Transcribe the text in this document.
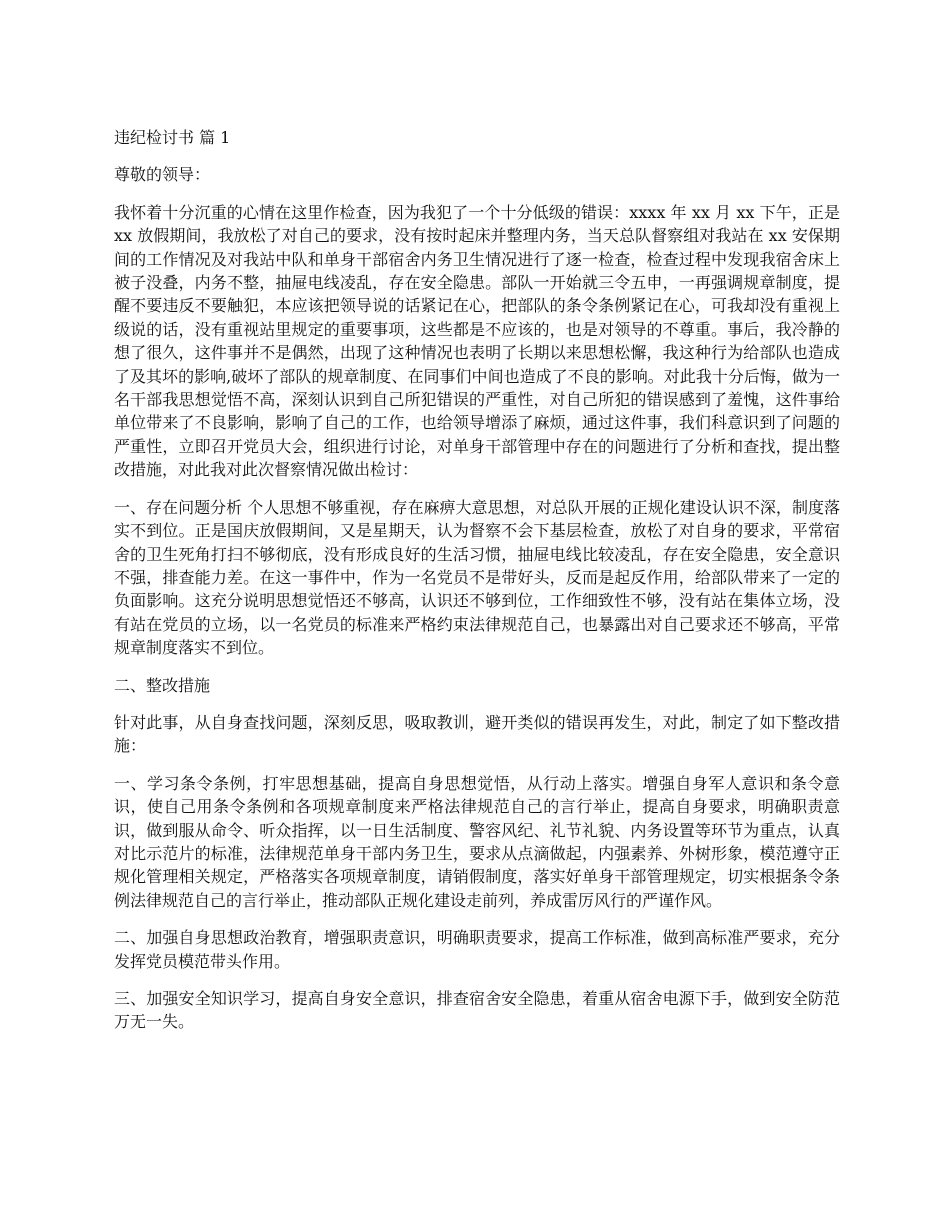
违纪检讨书 篇 1

尊敬的领导：

我怀着十分沉重的心情在这里作检查，因为我犯了一个十分低级的错误：xxxx 年 xx 月 xx 下午，正是 xx 放假期间，我放松了对自己的要求，没有按时起床并整理内务，当天总队督察组对我站在 xx 安保期间的工作情况及对我站中队和单身干部宿舍内务卫生情况进行了逐一检查，检查过程中发现我宿舍床上被子没叠，内务不整，抽屉电线凌乱，存在安全隐患。部队一开始就三令五申，一再强调规章制度，提醒不要违反不要触犯，本应该把领导说的话紧记在心，把部队的条令条例紧记在心，可我却没有重视上级说的话，没有重视站里规定的重要事项，这些都是不应该的，也是对领导的不尊重。事后，我冷静的想了很久，这件事并不是偶然，出现了这种情况也表明了长期以来思想松懈，我这种行为给部队也造成了及其坏的影响,破坏了部队的规章制度、在同事们中间也造成了不良的影响。对此我十分后悔，做为一名干部我思想觉悟不高，深刻认识到自己所犯错误的严重性，对自己所犯的错误感到了羞愧，这件事给单位带来了不良影响，影响了自己的工作，也给领导增添了麻烦，通过这件事，我们科意识到了问题的严重性，立即召开党员大会，组织进行讨论，对单身干部管理中存在的问题进行了分析和查找，提出整改措施，对此我对此次督察情况做出检讨：

一、存在问题分析 个人思想不够重视，存在麻痹大意思想，对总队开展的正规化建设认识不深，制度落实不到位。正是国庆放假期间，又是星期天，认为督察不会下基层检查，放松了对自身的要求，平常宿舍的卫生死角打扫不够彻底，没有形成良好的生活习惯，抽屉电线比较凌乱，存在安全隐患，安全意识不强，排查能力差。在这一事件中，作为一名党员不是带好头，反而是起反作用，给部队带来了一定的负面影响。这充分说明思想觉悟还不够高，认识还不够到位，工作细致性不够，没有站在集体立场，没有站在党员的立场，以一名党员的标准来严格约束法律规范自己，也暴露出对自己要求还不够高，平常规章制度落实不到位。

二、整改措施

针对此事，从自身查找问题，深刻反思，吸取教训，避开类似的错误再发生，对此，制定了如下整改措施：

一、学习条令条例，打牢思想基础，提高自身思想觉悟，从行动上落实。增强自身军人意识和条令意识，使自己用条令条例和各项规章制度来严格法律规范自己的言行举止，提高自身要求，明确职责意识，做到服从命令、听众指挥，以一日生活制度、警容风纪、礼节礼貌、内务设置等环节为重点，认真对比示范片的标准，法律规范单身干部内务卫生，要求从点滴做起，内强素养、外树形象，模范遵守正规化管理相关规定，严格落实各项规章制度，请销假制度，落实好单身干部管理规定，切实根据条令条例法律规范自己的言行举止，推动部队正规化建设走前列，养成雷厉风行的严谨作风。

二、加强自身思想政治教育，增强职责意识，明确职责要求，提高工作标准，做到高标准严要求，充分发挥党员模范带头作用。

三、加强安全知识学习，提高自身安全意识，排查宿舍安全隐患，着重从宿舍电源下手，做到安全防范万无一失。
